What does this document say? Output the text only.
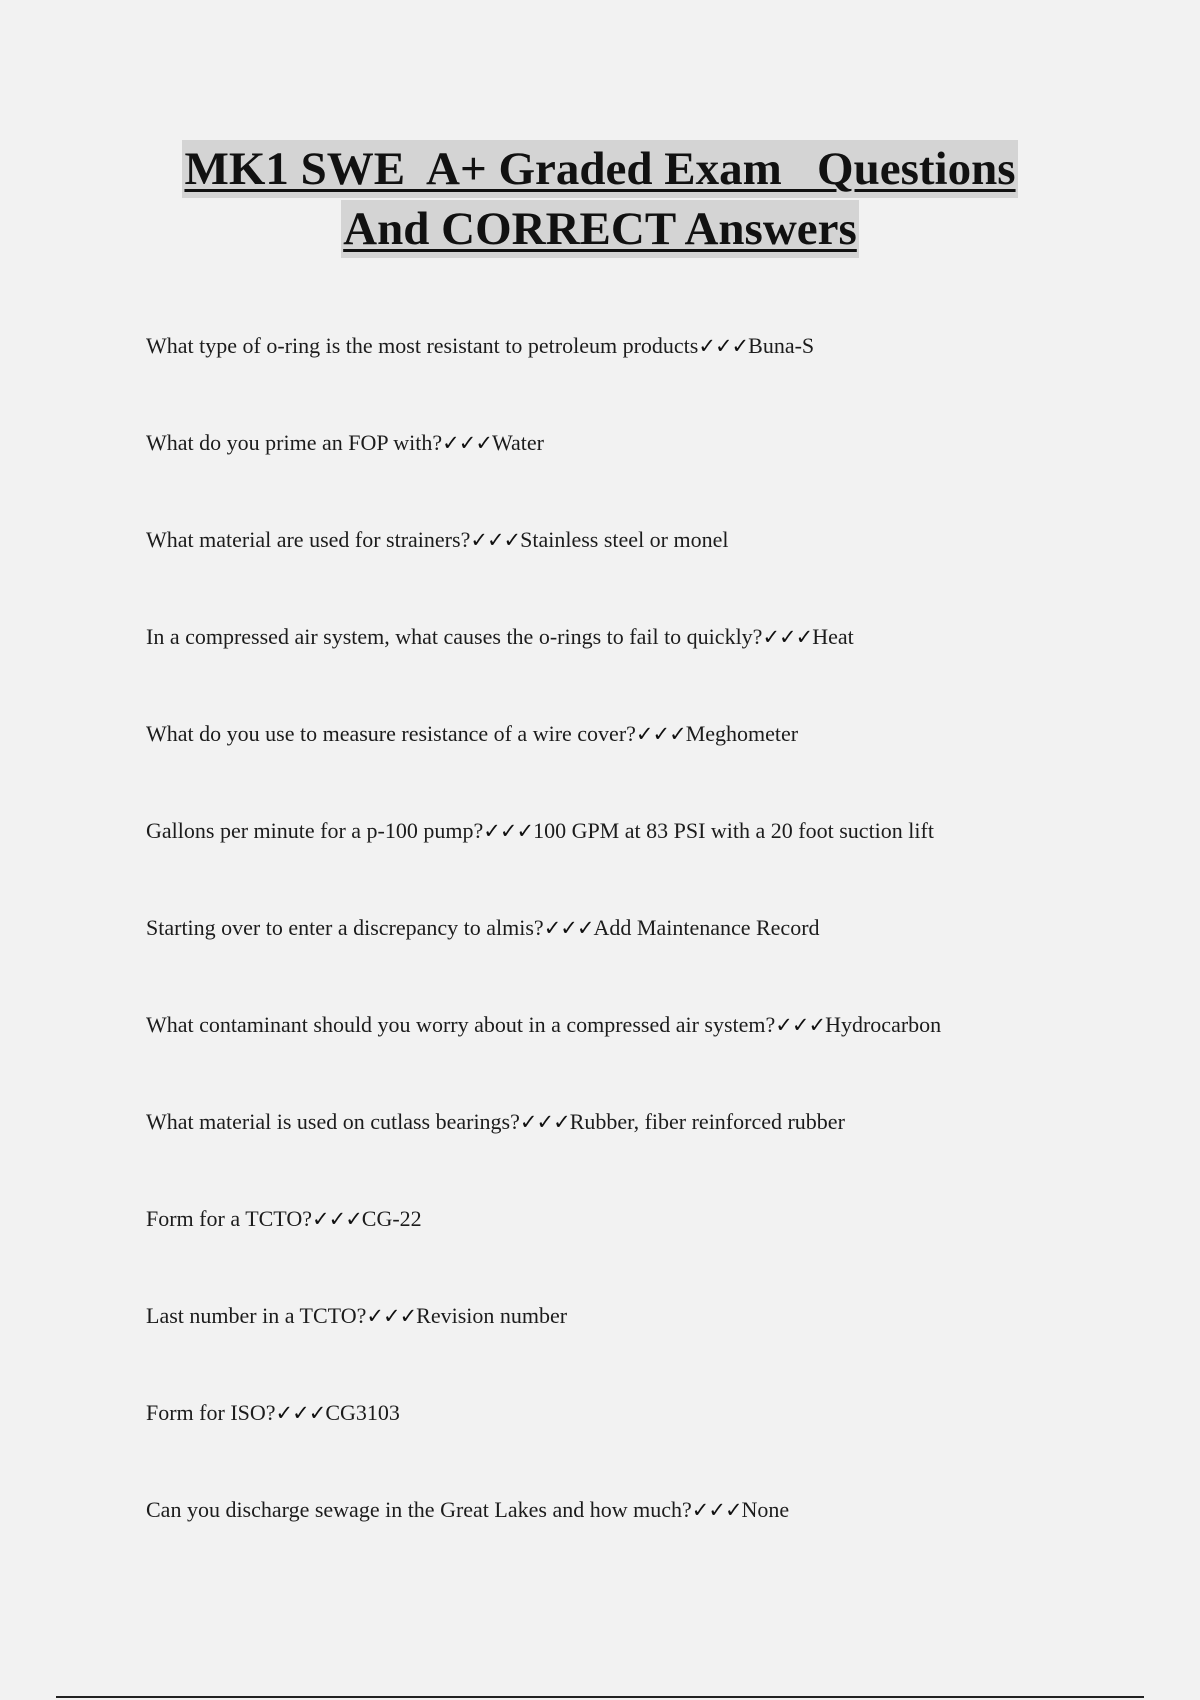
MK1 SWE  A+ Graded Exam   Questions
And CORRECT Answers
What type of o-ring is the most resistant to petroleum products✓✓✓Buna-S
What do you prime an FOP with?✓✓✓Water
What material are used for strainers?✓✓✓Stainless steel or monel
In a compressed air system, what causes the o-rings to fail to quickly?✓✓✓Heat
What do you use to measure resistance of a wire cover?✓✓✓Meghometer
Gallons per minute for a p-100 pump?✓✓✓100 GPM at 83 PSI with a 20 foot suction lift
Starting over to enter a discrepancy to almis?✓✓✓Add Maintenance Record
What contaminant should you worry about in a compressed air system?✓✓✓Hydrocarbon
What material is used on cutlass bearings?✓✓✓Rubber, fiber reinforced rubber
Form for a TCTO?✓✓✓CG-22
Last number in a TCTO?✓✓✓Revision number
Form for ISO?✓✓✓CG3103
Can you discharge sewage in the Great Lakes and how much?✓✓✓None
